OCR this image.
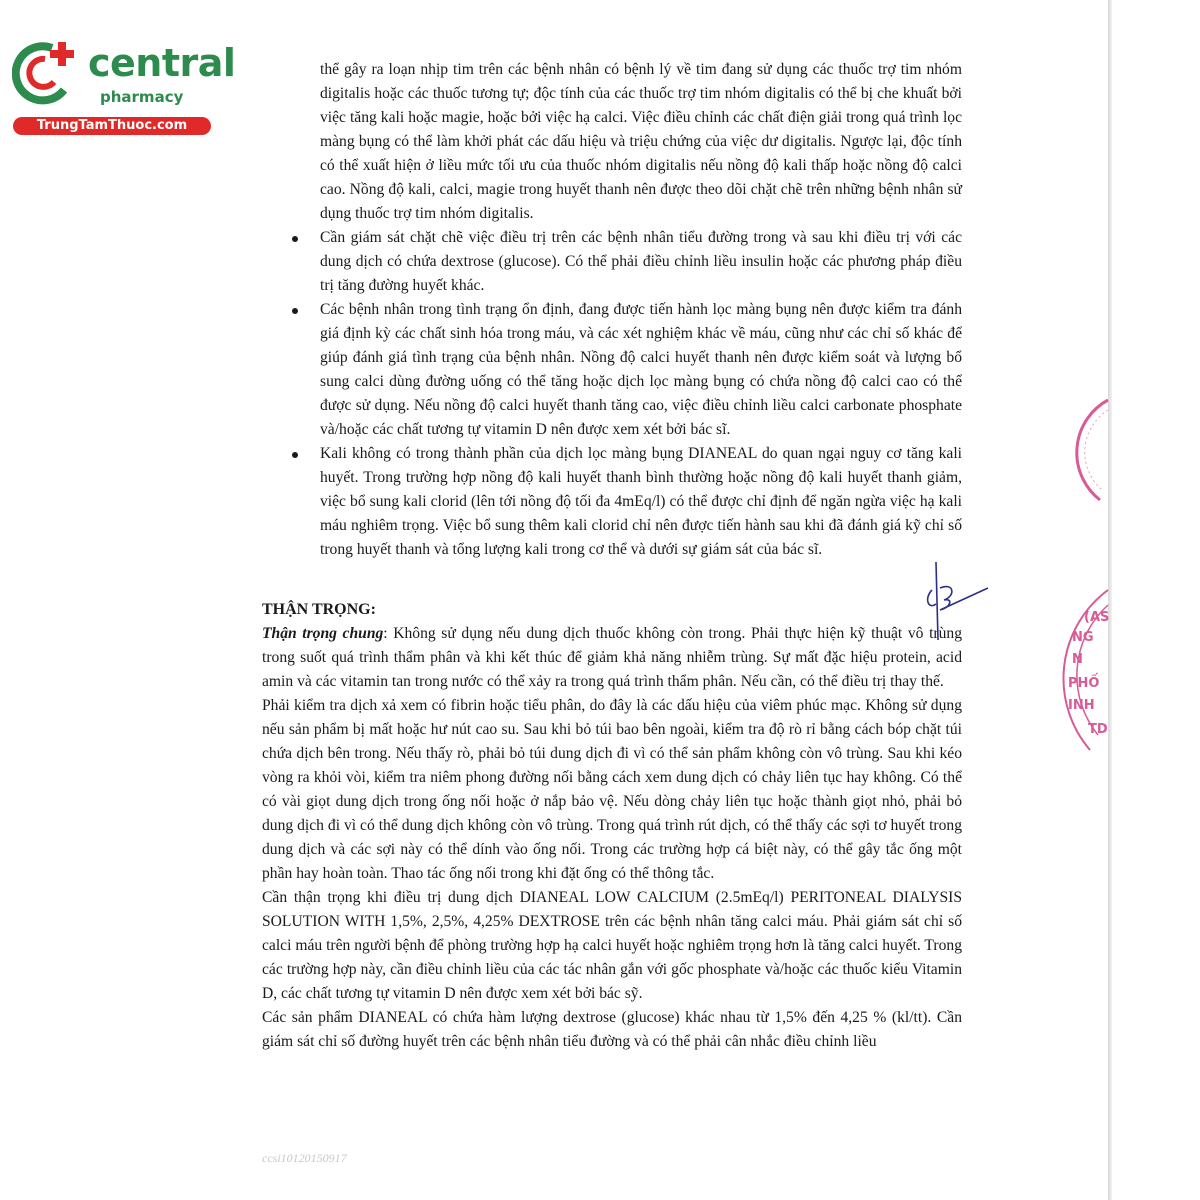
central
pharmacy
TrungTamThuoc.com

thể gây ra loạn nhịp tim trên các bệnh nhân có bệnh lý về tim đang sử dụng các thuốc trợ tim nhóm digitalis hoặc các thuốc tương tự; độc tính của các thuốc trợ tim nhóm digitalis có thể bị che khuất bởi việc tăng kali hoặc magie, hoặc bởi việc hạ calci. Việc điều chỉnh các chất điện giải trong quá trình lọc màng bụng có thể làm khởi phát các dấu hiệu và triệu chứng của việc dư digitalis. Ngược lại, độc tính có thể xuất hiện ở liều mức tối ưu của thuốc nhóm digitalis nếu nồng độ kali thấp hoặc nồng độ calci cao. Nồng độ kali, calci, magie trong huyết thanh nên được theo dõi chặt chẽ trên những bệnh nhân sử dụng thuốc trợ tim nhóm digitalis.

Cần giám sát chặt chẽ việc điều trị trên các bệnh nhân tiểu đường trong và sau khi điều trị với các dung dịch có chứa dextrose (glucose). Có thể phải điều chỉnh liều insulin hoặc các phương pháp điều trị tăng đường huyết khác.
Các bệnh nhân trong tình trạng ổn định, đang được tiến hành lọc màng bụng nên được kiểm tra đánh giá định kỳ các chất sinh hóa trong máu, và các xét nghiệm khác về máu, cũng như các chỉ số khác để giúp đánh giá tình trạng của bệnh nhân. Nồng độ calci huyết thanh nên được kiểm soát và lượng bổ sung calci dùng đường uống có thể tăng hoặc dịch lọc màng bụng có chứa nồng độ calci cao có thể được sử dụng. Nếu nồng độ calci huyết thanh tăng cao, việc điều chỉnh liều calci carbonate phosphate và/hoặc các chất tương tự vitamin D nên được xem xét bởi bác sĩ.
Kali không có trong thành phần của dịch lọc màng bụng DIANEAL do quan ngại nguy cơ tăng kali huyết. Trong trường hợp nồng độ kali huyết thanh bình thường hoặc nồng độ kali huyết thanh giảm, việc bổ sung kali clorid (lên tới nồng độ tối đa 4mEq/l) có thể được chỉ định để ngăn ngừa việc hạ kali máu nghiêm trọng. Việc bổ sung thêm kali clorid chỉ nên được tiến hành sau khi đã đánh giá kỹ chỉ số trong huyết thanh và tổng lượng kali trong cơ thể và dưới sự giám sát của bác sĩ.
THẬN TRỌNG:

Thận trọng chung: Không sử dụng nếu dung dịch thuốc không còn trong. Phải thực hiện kỹ thuật vô trùng trong suốt quá trình thẩm phân và khi kết thúc để giảm khả năng nhiễm trùng. Sự mất đặc hiệu protein, acid amin và các vitamin tan trong nước có thể xảy ra trong quá trình thẩm phân. Nếu cần, có thể điều trị thay thế.

Phải kiểm tra dịch xả xem có fibrin hoặc tiểu phân, do đây là các dấu hiệu của viêm phúc mạc. Không sử dụng nếu sản phẩm bị mất hoặc hư nút cao su. Sau khi bỏ túi bao bên ngoài, kiểm tra độ rò rỉ bằng cách bóp chặt túi chứa dịch bên trong. Nếu thấy rò, phải bỏ túi dung dịch đi vì có thể sản phẩm không còn vô trùng. Sau khi kéo vòng ra khỏi vòi, kiểm tra niêm phong đường nối bằng cách xem dung dịch có chảy liên tục hay không. Có thể có vài giọt dung dịch trong ống nối hoặc ở nắp bảo vệ. Nếu dòng chảy liên tục hoặc thành giọt nhỏ, phải bỏ dung dịch đi vì có thể dung dịch không còn vô trùng. Trong quá trình rút dịch, có thể thấy các sợi tơ huyết trong dung dịch và các sợi này có thể dính vào ống nối. Trong các trường hợp cá biệt này, có thể gây tắc ống một phần hay hoàn toàn. Thao tác ống nối trong khi đặt ống có thể thông tắc.

Cần thận trọng khi điều trị dung dịch DIANEAL LOW CALCIUM (2.5mEq/l) PERITONEAL DIALYSIS SOLUTION WITH 1,5%, 2,5%, 4,25% DEXTROSE trên các bệnh nhân tăng calci máu. Phải giám sát chỉ số calci máu trên người bệnh để phòng trường hợp hạ calci huyết hoặc nghiêm trọng hơn là tăng calci huyết. Trong các trường hợp này, cần điều chỉnh liều của các tác nhân gắn với gốc phosphate và/hoặc các thuốc kiểu Vitamin D, các chất tương tự vitamin D nên được xem xét bởi bác sỹ.

Các sản phẩm DIANEAL có chứa hàm lượng dextrose (glucose) khác nhau từ 1,5% đến 4,25 % (kl/tt). Cần giám sát chỉ số đường huyết trên các bệnh nhân tiểu đường và có thể phải cân nhắc điều chỉnh liều

(AS
NG
N
PHỐ
INH
TD
ccsi10120150917
